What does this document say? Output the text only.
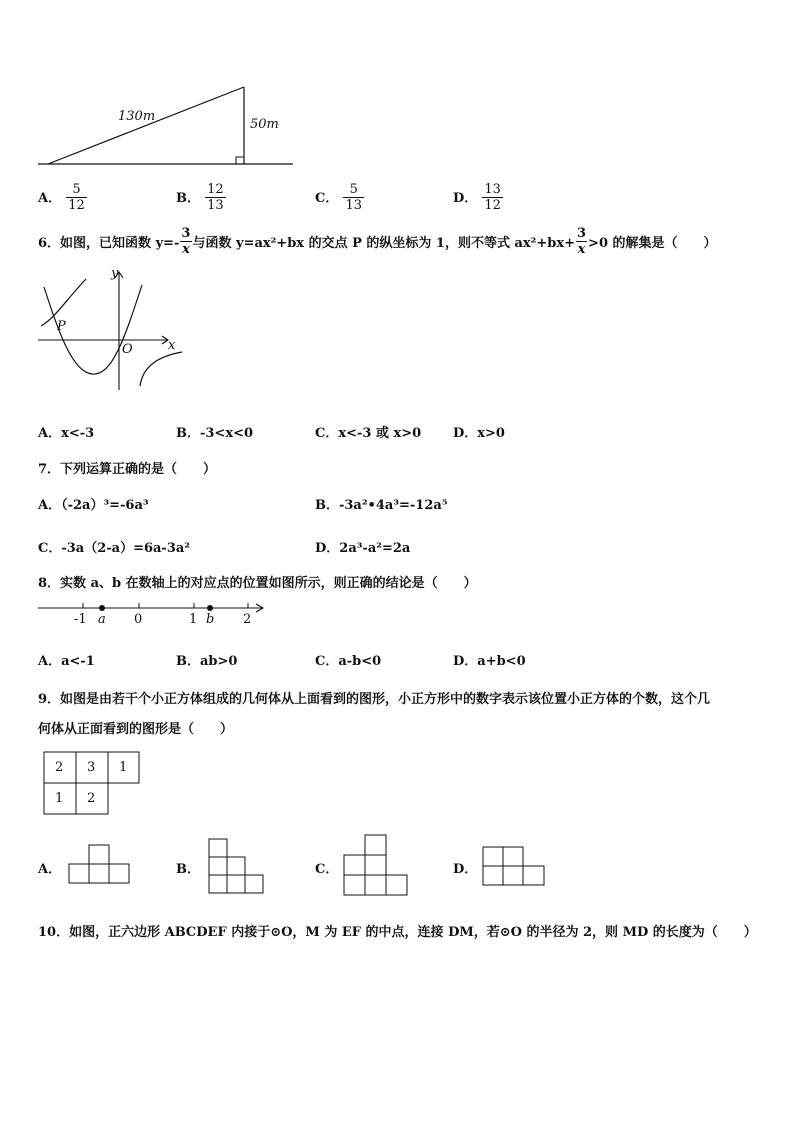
130m
50m
A． $\frac{5}{12}$	B． $\frac{12}{13}$	C． $\frac{5}{13}$	D． $\frac{13}{12}$
6．如图，已知函数 $y=- \frac{3}{x}$ 与函数 y=ax²+bx 的交点 P 的纵坐标为 1，则不等式 $ax^2+bx+ \frac{3}{x} >0$ 的解集是（　　）
y
x
O
P
A．x<-3	B．-3<x<0	C．x<-3 或 x>0 D．x>0
7．下列运算正确的是（　　）
A．（-2a）³=-6a³	B．-3a²•4a³=-12a⁵
C．-3a（2-a）=6a-3a²	D．2a³-a²=2a
8．实数 a、b 在数轴上的对应点的位置如图所示，则正确的结论是（　　）
-1 a 0	1 b 2
A．a<-1	B．ab>0	C．a-b<0	D．a+b<0
9．如图是由若干个小正方体组成的几何体从上面看到的图形，小正方形中的数字表示该位置小正方体的个数，这个几
何体从正面看到的图形是（　　）
2 3 1
1 2
A．	B．	C．	D．
10．如图，正六边形 ABCDEF 内接于⊙O，M 为 EF 的中点，连接 DM，若⊙O 的半径为 2，则 MD 的长度为（　　）
